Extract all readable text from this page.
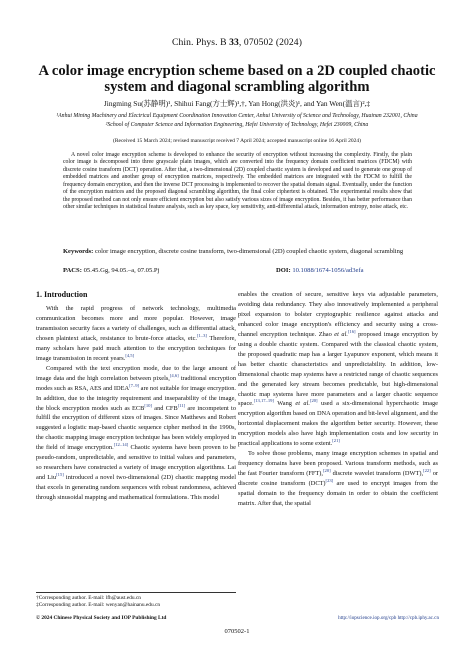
Chin. Phys. B 33, 070502 (2024)
A color image encryption scheme based on a 2D coupled chaotic system and diagonal scrambling algorithm
Jingming Su(苏静明)¹, Shihui Fang(方士辉)¹,†, Yan Hong(洪炎)¹, and Yan Wen(温言)²,‡
¹Anhui Mining Machinery and Electrical Equipment Coordination Innovation Center, Anhui University of Science and Technology, Huainan 232001, China
²School of Computer Science and Information Engineering, Hefei University of Technology, Hefei 230009, China
(Received 15 March 2024; revised manuscript received 7 April 2024; accepted manuscript online 16 April 2024)
A novel color image encryption scheme is developed to enhance the security of encryption without increasing the complexity. Firstly, the plain color image is decomposed into three grayscale plain images, which are converted into the frequency domain coefficient matrices (FDCM) with discrete cosine transform (DCT) operation. After that, a two-dimensional (2D) coupled chaotic system is developed and used to generate one group of embedded matrices and another group of encryption matrices, respectively. The embedded matrices are integrated with the FDCM to fulfill the frequency domain encryption, and then the inverse DCT processing is implemented to recover the spatial domain signal. Eventually, under the function of the encryption matrices and the proposed diagonal scrambling algorithm, the final color ciphertext is obtained. The experimental results show that the proposed method can not only ensure efficient encryption but also satisfy various sizes of image encryption. Besides, it has better performance than other similar techniques in statistical feature analysis, such as key space, key sensitivity, anti-differential attack, information entropy, noise attack, etc.
Keywords: color image encryption, discrete cosine transform, two-dimensional (2D) coupled chaotic system, diagonal scrambling
PACS: 05.45.Gg, 94.05.–a, 07.05.Pj	DOI: 10.1088/1674-1056/ad3efa
1. Introduction

With the rapid progress of network technology, multimedia communication becomes more and more popular. However, image transmission security faces a variety of challenges, such as differential attack, chosen plaintext attack, resistance to brute-force attacks, etc.[1–3] Therefore, many scholars have paid much attention to the encryption techniques for image transmission in recent years.[4,5]

Compared with the text encryption mode, due to the large amount of image data and the high correlation between pixels,[4,6] traditional encryption modes such as RSA, AES and IDEA[7–9] are not suitable for image encryption. In addition, due to the integrity requirement and inseparability of the image, the block encryption modes such as ECB[10] and CFB[11] are incompetent to fulfill the encryption of different sizes of images. Since Matthews and Robert suggested a logistic map-based chaotic sequence cipher method in the 1990s, the chaotic mapping image encryption technique has been widely employed in the field of image encryption.[12–14] Chaotic systems have been proven to be pseudo-random, unpredictable, and sensitive to initial values and parameters, so researchers have constructed a variety of image encryption algorithms. Lai and Liu[15] introduced a novel two-dimensional (2D) chaotic mapping model that excels in generating random sequences with robust randomness, achieved through sinusoidal mapping and mathematical formulations. This model

enables the creation of secure, sensitive keys via adjustable parameters, avoiding data redundancy. They also innovatively implemented a peripheral pixel expansion to bolster cryptographic resilience against attacks and enhanced color image encryption's efficiency and security using a cross-channel encryption technique. Zhao et al.[16] proposed image encryption by using a double chaotic system. Compared with the classical chaotic system, the proposed quadratic map has a larger Lyapunov exponent, which means it has better chaotic characteristics and unpredictability. In addition, low-dimensional chaotic map systems have a restricted range of chaotic sequences and the generated key stream becomes predictable, but high-dimensional chaotic map systems have more parameters and a larger chaotic sequence space.[13,17–19] Wang et al.[20] used a six-dimensional hyperchaotic image encryption algorithm based on DNA operation and bit-level alignment, and the horizontal displacement makes the algorithm better security. However, these encryption models also have high implementation costs and low security in practical applications to some extent.[21]

To solve those problems, many image encryption schemes in spatial and frequency domains have been proposed. Various transform methods, such as the fast Fourier transform (FFT),[20] discrete wavelet transform (DWT),[22] or discrete cosine transform (DCT)[23] are used to encrypt images from the spatial domain to the frequency domain in order to obtain the coefficient matrix. After that, the spatial

†Corresponding author. E-mail: lfh@aust.edu.cn
‡Corresponding author. E-mail: wenyan@hainanu.edu.cn
© 2024 Chinese Physical Society and IOP Publishing Ltd	http://iopscience.iop.org/cpb http://cpb.iphy.ac.cn
070502-1
